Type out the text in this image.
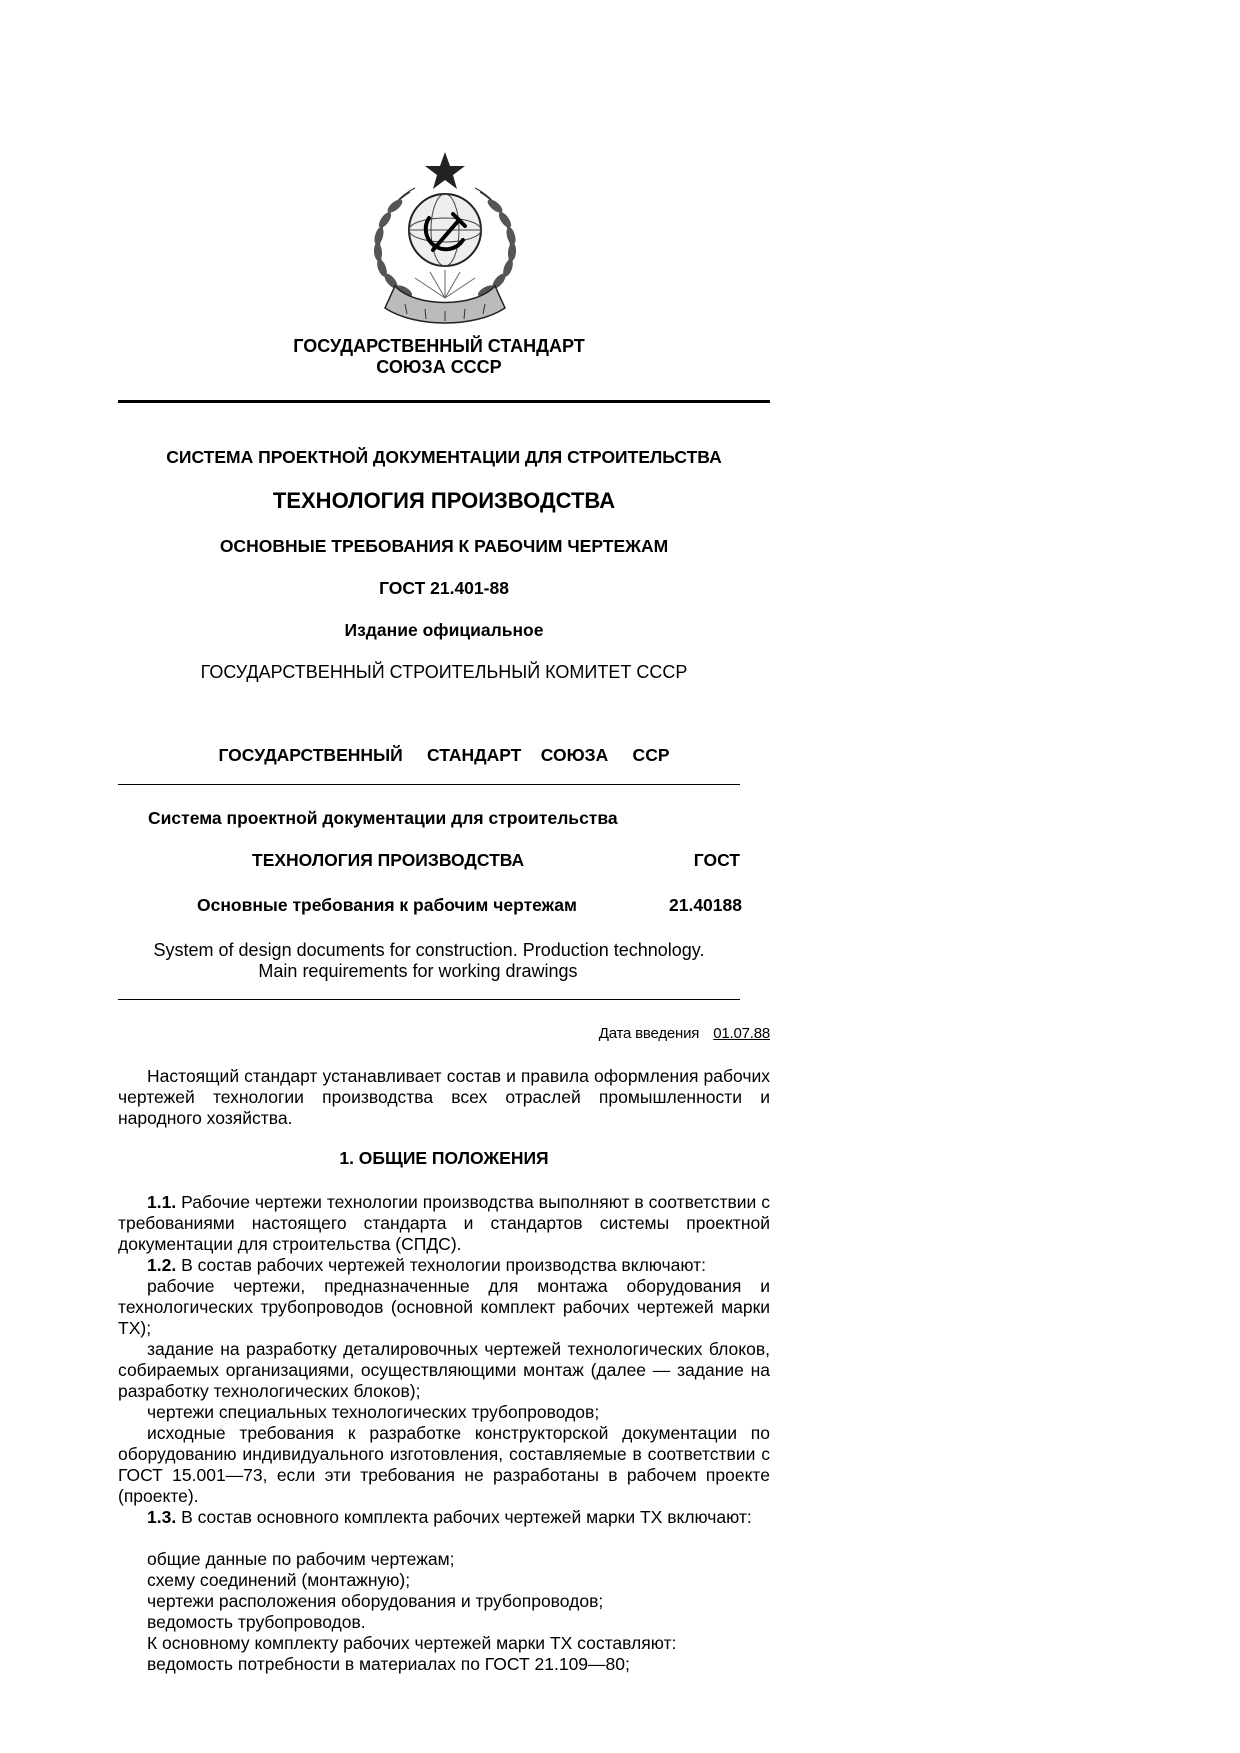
ГОСУДАРСТВЕННЫЙ СТАНДАРТ
СОЮЗА СССР
СИСТЕМА ПРОЕКТНОЙ ДОКУМЕНТАЦИИ ДЛЯ СТРОИТЕЛЬСТВА
ТЕХНОЛОГИЯ ПРОИЗВОДСТВА
ОСНОВНЫЕ ТРЕБОВАНИЯ К РАБОЧИМ ЧЕРТЕЖАМ
ГОСТ 21.401-88
Издание официальное
ГОСУДАРСТВЕННЫЙ СТРОИТЕЛЬНЫЙ КОМИТЕТ СССР
ГОСУДАРСТВЕННЫЙ     СТАНДАРТ    СОЮЗА     ССР
Система проектной документации для строительства
ТЕХНОЛОГИЯ ПРОИЗВОДСТВА	ГОСТ
Основные требования к рабочим чертежам	21.40188
System of design documents for construction. Production technology.
Main requirements for working drawings
Дата введения 01.07.88
Настоящий стандарт устанавливает состав и правила оформления рабочих чертежей технологии производства всех отраслей промышленности и народного хозяйства.
1. ОБЩИЕ ПОЛОЖЕНИЯ
1.1. Рабочие чертежи технологии производства выполняют в соответствии с требованиями настоящего стандарта и стандартов системы проектной документации для строительства (СПДС).
1.2. В состав рабочих чертежей технологии производства включают:
рабочие чертежи, предназначенные для монтажа оборудования и технологических трубопроводов (основной комплект рабочих чертежей марки ТХ);
задание на разработку деталировочных чертежей технологических блоков, собираемых организациями, осуществляющими монтаж (далее — задание на разработку технологических блоков);
чертежи специальных технологических трубопроводов;
исходные требования к разработке конструкторской документации по оборудованию индивидуального изготовления, составляемые в соответствии с ГОСТ 15.001—73, если эти требования не разработаны в рабочем проекте (проекте).
1.3. В состав основного комплекта рабочих чертежей марки ТХ включают:
общие данные по рабочим чертежам;
схему соединений (монтажную);
чертежи расположения оборудования и трубопроводов;
ведомость трубопроводов.
К основному комплекту рабочих чертежей марки ТХ составляют:
ведомость потребности в материалах по ГОСТ 21.109—80;
